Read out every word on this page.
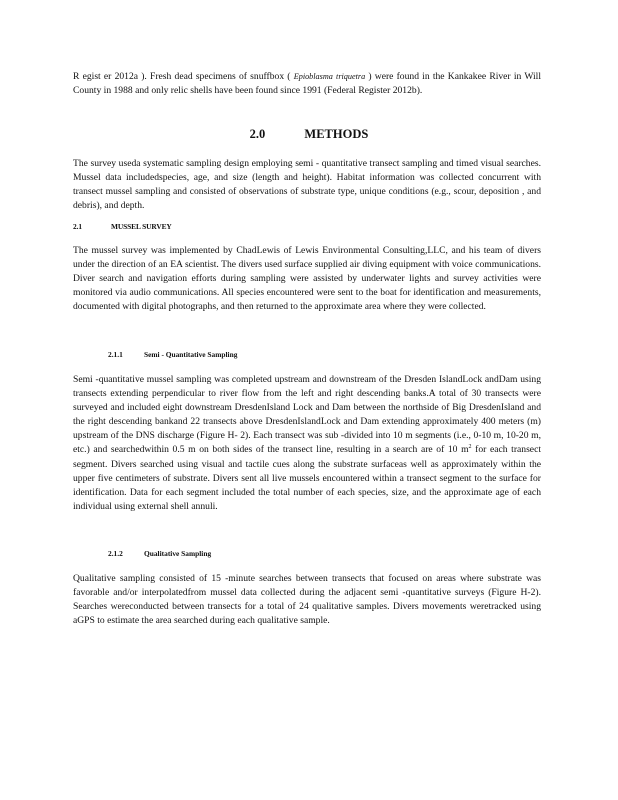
R egist er 2012a ). Fresh dead specimens of snuffbox ( Epioblasma triquetra ) were found in the Kankakee River in Will County in 1988 and only relic shells have been found since 1991 (Federal Register 2012b).

2.0	METHODS

The survey useda systematic sampling design employing semi - quantitative transect sampling and timed visual searches. Mussel data includedspecies, age, and size (length and height). Habitat information was collected concurrent with transect mussel sampling and consisted of observations of substrate type, unique conditions (e.g., scour, deposition , and debris), and depth.

2.1	MUSSEL SURVEY

The mussel survey was implemented by ChadLewis of Lewis Environmental Consulting,LLC, and his team of divers under the direction of an EA scientist. The divers used surface supplied air diving equipment with voice communications. Diver search and navigation efforts during sampling were assisted by underwater lights and survey activities were monitored via audio communications. All species encountered were sent to the boat for identification and measurements, documented with digital photographs, and then returned to the approximate area where they were collected.

2.1.1	Semi - Quantitative Sampling

Semi -quantitative mussel sampling was completed upstream and downstream of the Dresden IslandLock andDam using transects extending perpendicular to river flow from the left and right descending banks.A total of 30 transects were surveyed and included eight downstream DresdenIsland Lock and Dam between the northside of Big DresdenIsland and the right descending bankand 22 transects above DresdenIslandLock and Dam extending approximately 400 meters (m) upstream of the DNS discharge (Figure H- 2). Each transect was sub -divided into 10 m segments (i.e., 0-10 m, 10-20 m, etc.) and searchedwithin 0.5 m on both sides of the transect line, resulting in a search are of 10 $m^2$ for each transect segment. Divers searched using visual and tactile cues along the substrate surfaceas well as approximately within the upper five centimeters of substrate. Divers sent all live mussels encountered within a transect segment to the surface for identification. Data for each segment included the total number of each species, size, and the approximate age of each individual using external shell annuli.

2.1.2	Qualitative Sampling

Qualitative sampling consisted of 15 -minute searches between transects that focused on areas where substrate was favorable and/or interpolatedfrom mussel data collected during the adjacent semi -quantitative surveys (Figure H-2). Searches wereconducted between transects for a total of 24 qualitative samples. Divers movements weretracked using aGPS to estimate the area searched during each qualitative sample.
